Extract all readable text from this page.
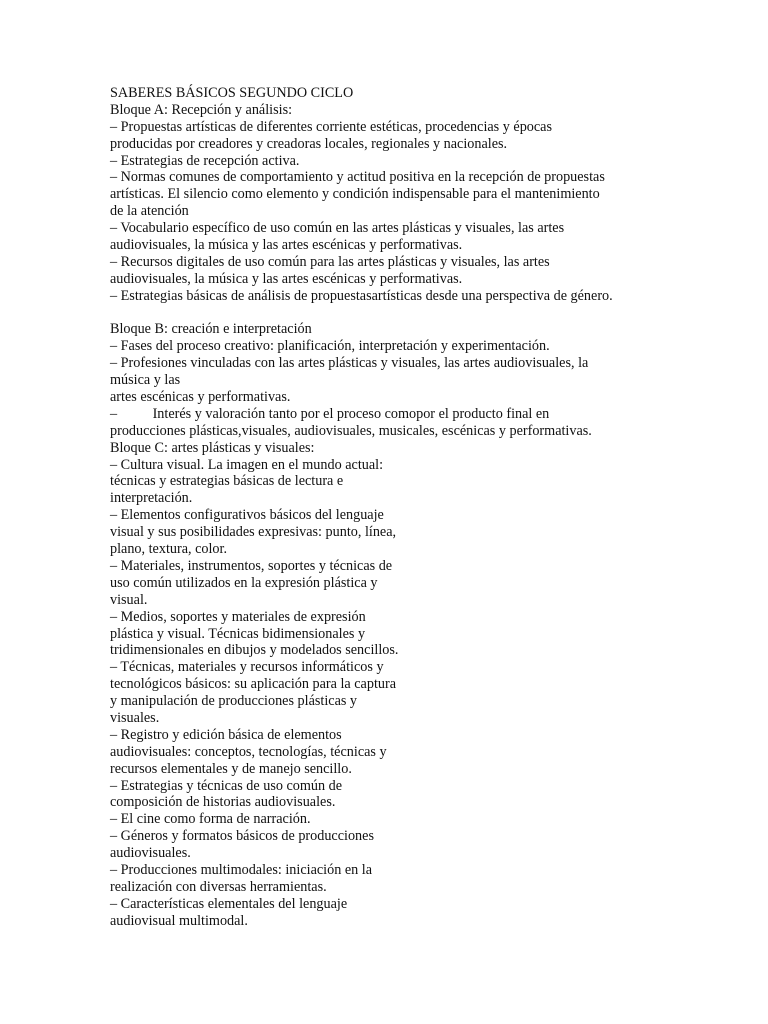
SABERES BÁSICOS SEGUNDO CICLO
Bloque A: Recepción y análisis:
– Propuestas artísticas de diferentes corriente estéticas, procedencias y épocas
producidas por creadores y creadoras locales, regionales y nacionales.
– Estrategias de recepción activa.
– Normas comunes de comportamiento y actitud positiva en la recepción de propuestas
artísticas. El silencio como elemento y condición indispensable para el mantenimiento
de la atención
– Vocabulario específico de uso común en las artes plásticas y visuales, las artes
audiovisuales, la música y las artes escénicas y performativas.
– Recursos digitales de uso común para las artes plásticas y visuales, las artes
audiovisuales, la música y las artes escénicas y performativas.
– Estrategias básicas de análisis de propuestasartísticas desde una perspectiva de género.
Bloque B: creación e interpretación
– Fases del proceso creativo: planificación, interpretación y experimentación.
– Profesiones vinculadas con las artes plásticas y visuales, las artes audiovisuales, la
música y las
artes escénicas y performativas.
–          Interés y valoración tanto por el proceso comopor el producto final en
producciones plásticas,visuales, audiovisuales, musicales, escénicas y performativas.
Bloque C: artes plásticas y visuales:
– Cultura visual. La imagen en el mundo actual:
técnicas y estrategias básicas de lectura e
interpretación.
– Elementos configurativos básicos del lenguaje
visual y sus posibilidades expresivas: punto, línea,
plano, textura, color.
– Materiales, instrumentos, soportes y técnicas de
uso común utilizados en la expresión plástica y
visual.
– Medios, soportes y materiales de expresión
plástica y visual. Técnicas bidimensionales y
tridimensionales en dibujos y modelados sencillos.
– Técnicas, materiales y recursos informáticos y
tecnológicos básicos: su aplicación para la captura
y manipulación de producciones plásticas y
visuales.
– Registro y edición básica de elementos
audiovisuales: conceptos, tecnologías, técnicas y
recursos elementales y de manejo sencillo.
– Estrategias y técnicas de uso común de
composición de historias audiovisuales.
– El cine como forma de narración.
– Géneros y formatos básicos de producciones
audiovisuales.
– Producciones multimodales: iniciación en la
realización con diversas herramientas.
– Características elementales del lenguaje
audiovisual multimodal.
